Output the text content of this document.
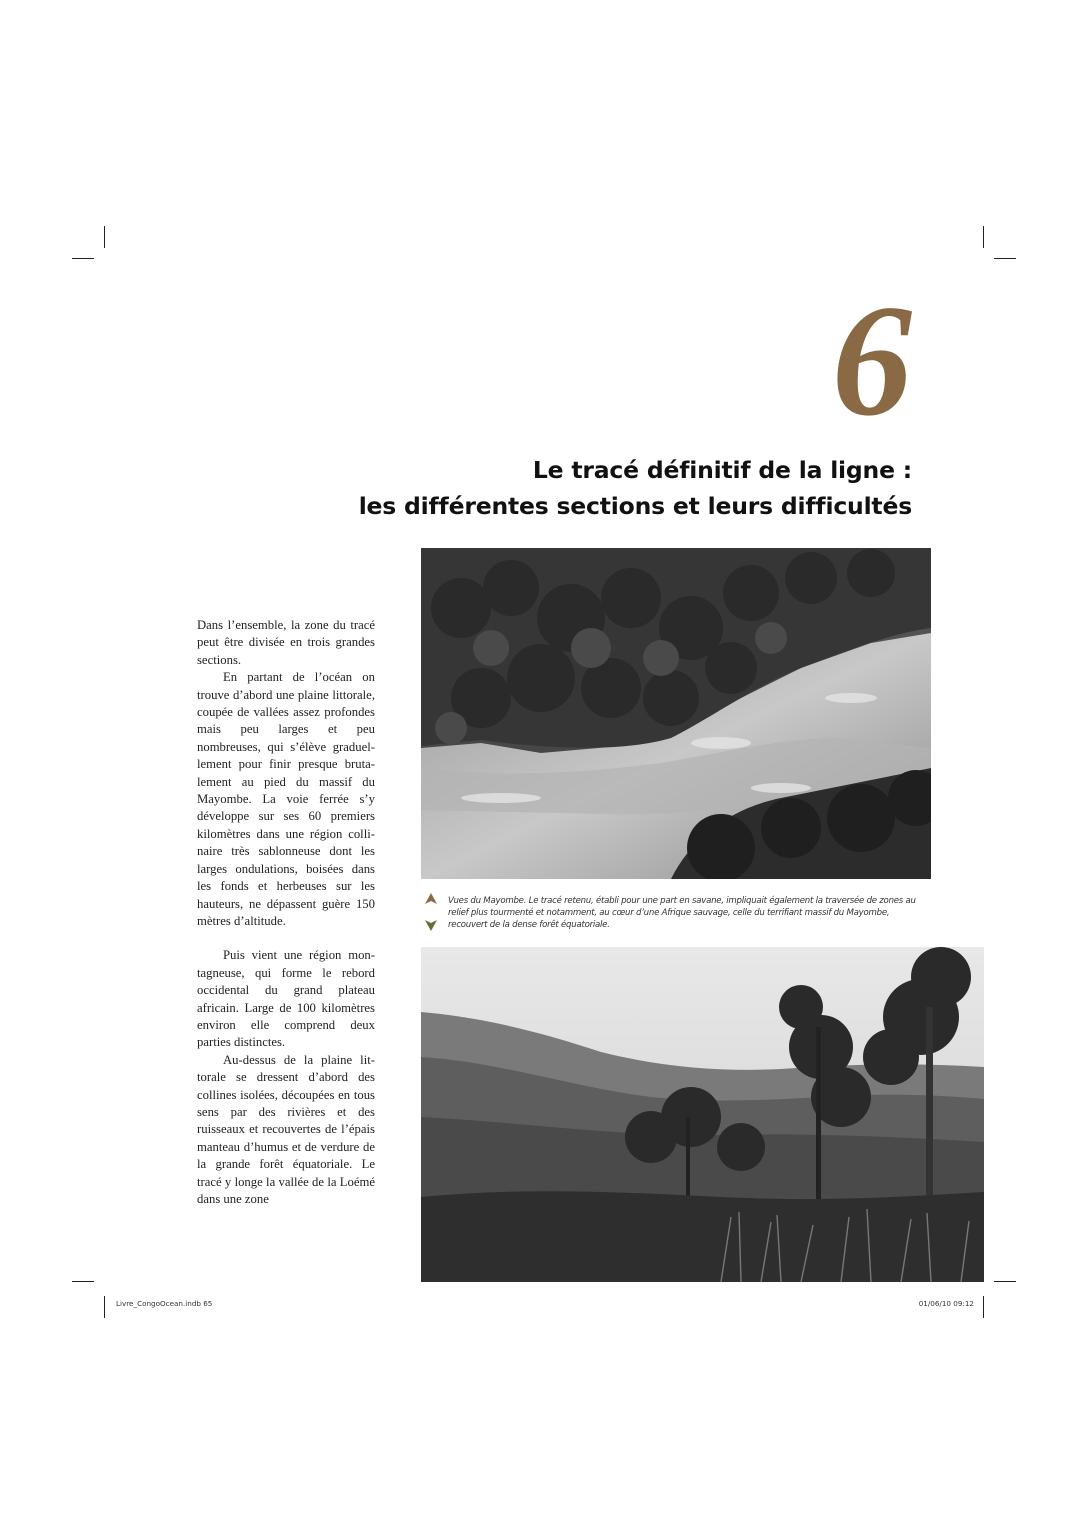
6
Le tracé définitif de la ligne :
les différentes sections et leurs difficultés

Dans l’ensemble, la zone du tracé peut être divisée en trois grandes sections.

En partant de l’océan on trouve d’abord une plaine littorale, coupée de vallées assez profondes mais peu larges et peu nombreuses, qui s’élève graduellement pour finir presque brutalement au pied du massif du Mayombe. La voie ferrée s’y développe sur ses 60 premiers kilomètres dans une région collinaire très sablonneuse dont les larges ondulations, boisées dans les fonds et herbeuses sur les hauteurs, ne dépassent guère 150 mètres d’altitude.

Puis vient une région montagneuse, qui forme le rebord occidental du grand plateau africain. Large de 100 kilomètres environ elle comprend deux parties distinctes.

Au-dessus de la plaine littorale se dressent d’abord des collines isolées, découpées en tous sens par des rivières et des ruisseaux et recouvertes de l’épais manteau d’humus et de verdure de la grande forêt équatoriale. Le tracé y longe la vallée de la Loémé dans une zone

Vues du Mayombe. Le tracé retenu, établi pour une part en savane, impliquait également la traversée de zones au relief plus tourmenté et notamment, au cœur d’une Afrique sauvage, celle du terrifiant massif du Mayombe, recouvert de la dense forêt équatoriale.

Livre_CongoOcean.indb 65	01/06/10 09:12
